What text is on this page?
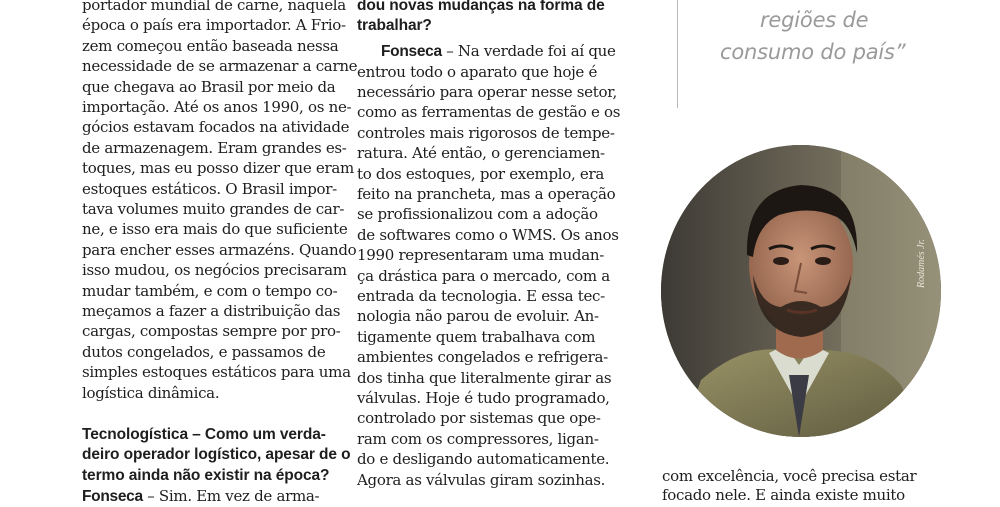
portador mundial de carne, naquela
época o país era importador. A Frio-
zem começou então baseada nessa
necessidade de se armazenar a carne
que chegava ao Brasil por meio da
importação. Até os anos 1990, os ne-
gócios estavam focados na atividade
de armazenagem. Eram grandes es-
toques, mas eu posso dizer que eram
estoques estáticos. O Brasil impor-
tava volumes muito grandes de car-
ne, e isso era mais do que suficiente
para encher esses armazéns. Quando
isso mudou, os negócios precisaram
mudar também, e com o tempo co-
meçamos a fazer a distribuição das
cargas, compostas sempre por pro-
dutos congelados, e passamos de
simples estoques estáticos para uma
logística dinâmica.
Tecnologística – Como um verda-
deiro operador logístico, apesar de o
termo ainda não existir na época?
Fonseca – Sim. Em vez de arma-
dou novas mudanças na forma de
trabalhar?
Fonseca – Na verdade foi aí que
entrou todo o aparato que hoje é
necessário para operar nesse setor,
como as ferramentas de gestão e os
controles mais rigorosos de tempe-
ratura. Até então, o gerenciamen-
to dos estoques, por exemplo, era
feito na prancheta, mas a operação
se profissionalizou com a adoção
de softwares como o WMS. Os anos
1990 representaram uma mudan-
ça drástica para o mercado, com a
entrada da tecnologia. E essa tec-
nologia não parou de evoluir. An-
tigamente quem trabalhava com
ambientes congelados e refrigera-
dos tinha que literalmente girar as
válvulas. Hoje é tudo programado,
controlado por sistemas que ope-
ram com os compressores, ligan-
do e desligando automaticamente.
Agora as válvulas giram sozinhas.
regiões de
consumo do país”
Rodamés Jr.
com excelência, você precisa estar
focado nele. E ainda existe muito
